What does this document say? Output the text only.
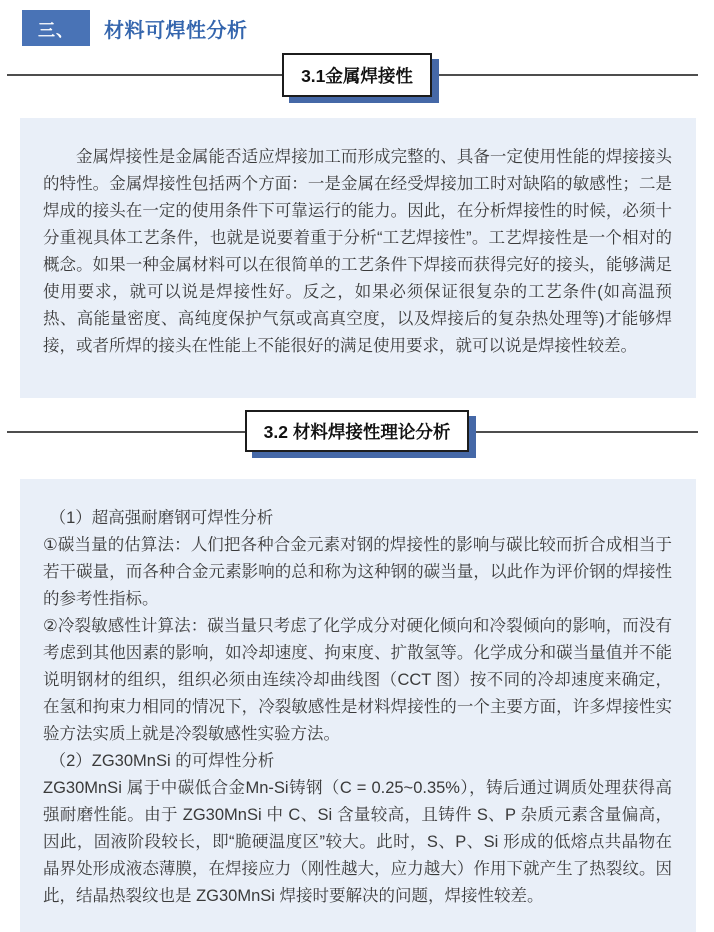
三、	材料可焊性分析
3.1金属焊接性

金属焊接性是金属能否适应焊接加工而形成完整的、具备一定使用性能的焊接接头的特性。金属焊接性包括两个方面：一是金属在经受焊接加工时对缺陷的敏感性；二是焊成的接头在一定的使用条件下可靠运行的能力。因此，在分析焊接性的时候，必须十分重视具体工艺条件，也就是说要着重于分析“工艺焊接性”。工艺焊接性是一个相对的概念。如果一种金属材料可以在很简单的工艺条件下焊接而获得完好的接头，能够满足使用要求，就可以说是焊接性好。反之，如果必须保证很复杂的工艺条件(如高温预热、高能量密度、高纯度保护气氛或高真空度，以及焊接后的复杂热处理等)才能够焊接，或者所焊的接头在性能上不能很好的满足使用要求，就可以说是焊接性较差。

3.2 材料焊接性理论分析

（1）超高强耐磨钢可焊性分析

①碳当量的估算法：人们把各种合金元素对钢的焊接性的影响与碳比较而折合成相当于若干碳量，而各种合金元素影响的总和称为这种钢的碳当量，以此作为评价钢的焊接性的参考性指标。

②冷裂敏感性计算法：碳当量只考虑了化学成分对硬化倾向和冷裂倾向的影响，而没有考虑到其他因素的影响，如冷却速度、拘束度、扩散氢等。化学成分和碳当量值并不能说明钢材的组织，组织必须由连续冷却曲线图（CCT 图）按不同的冷却速度来确定，在氢和拘束力相同的情况下，冷裂敏感性是材料焊接性的一个主要方面，许多焊接性实验方法实质上就是冷裂敏感性实验方法。

（2）ZG30MnSi 的可焊性分析

ZG30MnSi 属于中碳低合金Mn-Si铸钢（C = 0.25~0.35%），铸后通过调质处理获得高强耐磨性能。由于 ZG30MnSi 中 C、Si 含量较高，且铸件 S、P 杂质元素含量偏高，因此，固液阶段较长，即“脆硬温度区”较大。此时，S、P、Si 形成的低熔点共晶物在晶界处形成液态薄膜，在焊接应力（刚性越大，应力越大）作用下就产生了热裂纹。因此，结晶热裂纹也是 ZG30MnSi 焊接时要解决的问题，焊接性较差。
